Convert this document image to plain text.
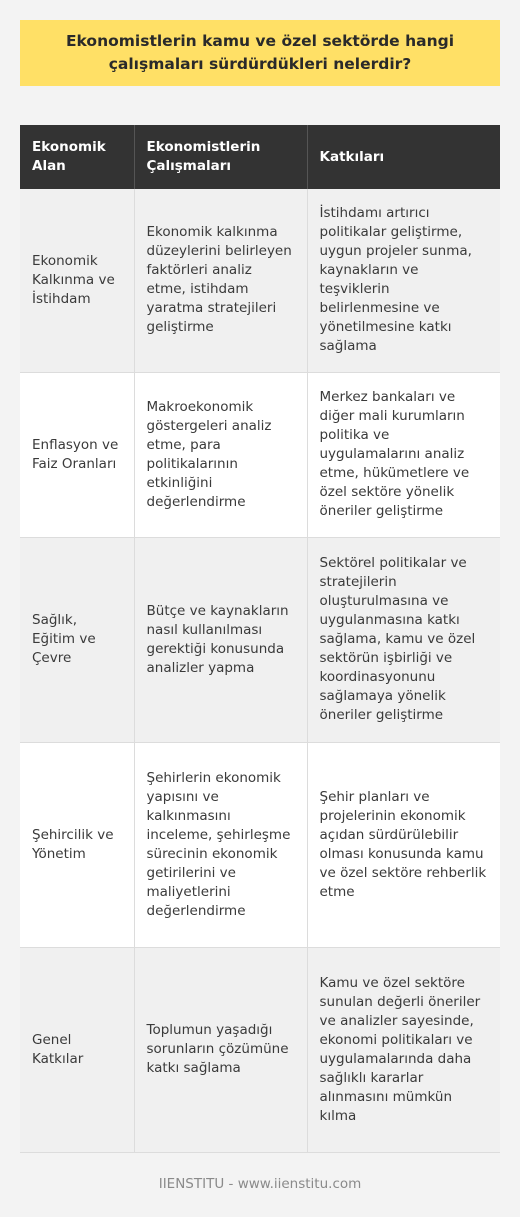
Ekonomistlerin kamu ve özel sektörde hangi çalışmaları sürdürdükleri nelerdir?
Ekonomik Alan	Ekonomistlerin Çalışmaları	Katkıları
Ekonomik Kalkınma ve İstihdam	Ekonomik kalkınma düzeylerini belirleyen faktörleri analiz etme, istihdam yaratma stratejileri geliştirme	İstihdamı artırıcı politikalar geliştirme, uygun projeler sunma, kaynakların ve teşviklerin belirlenmesine ve yönetilmesine katkı sağlama
Enflasyon ve Faiz Oranları	Makroekonomik göstergeleri analiz etme, para politikalarının etkinliğini değerlendirme	Merkez bankaları ve diğer mali kurumların politika ve uygulamalarını analiz etme, hükümetlere ve özel sektöre yönelik öneriler geliştirme
Sağlık, Eğitim ve Çevre	Bütçe ve kaynakların nasıl kullanılması gerektiği konusunda analizler yapma	Sektörel politikalar ve stratejilerin oluşturulmasına ve uygulanmasına katkı sağlama, kamu ve özel sektörün işbirliği ve koordinasyonunu sağlamaya yönelik öneriler geliştirme
Şehircilik ve Yönetim	Şehirlerin ekonomik yapısını ve kalkınmasını inceleme, şehirleşme sürecinin ekonomik getirilerini ve maliyetlerini değerlendirme	Şehir planları ve projelerinin ekonomik açıdan sürdürülebilir olması konusunda kamu ve özel sektöre rehberlik etme
Genel Katkılar	Toplumun yaşadığı sorunların çözümüne katkı sağlama	Kamu ve özel sektöre sunulan değerli öneriler ve analizler sayesinde, ekonomi politikaları ve uygulamalarında daha sağlıklı kararlar alınmasını mümkün kılma
IIENSTITU - www.iienstitu.com
